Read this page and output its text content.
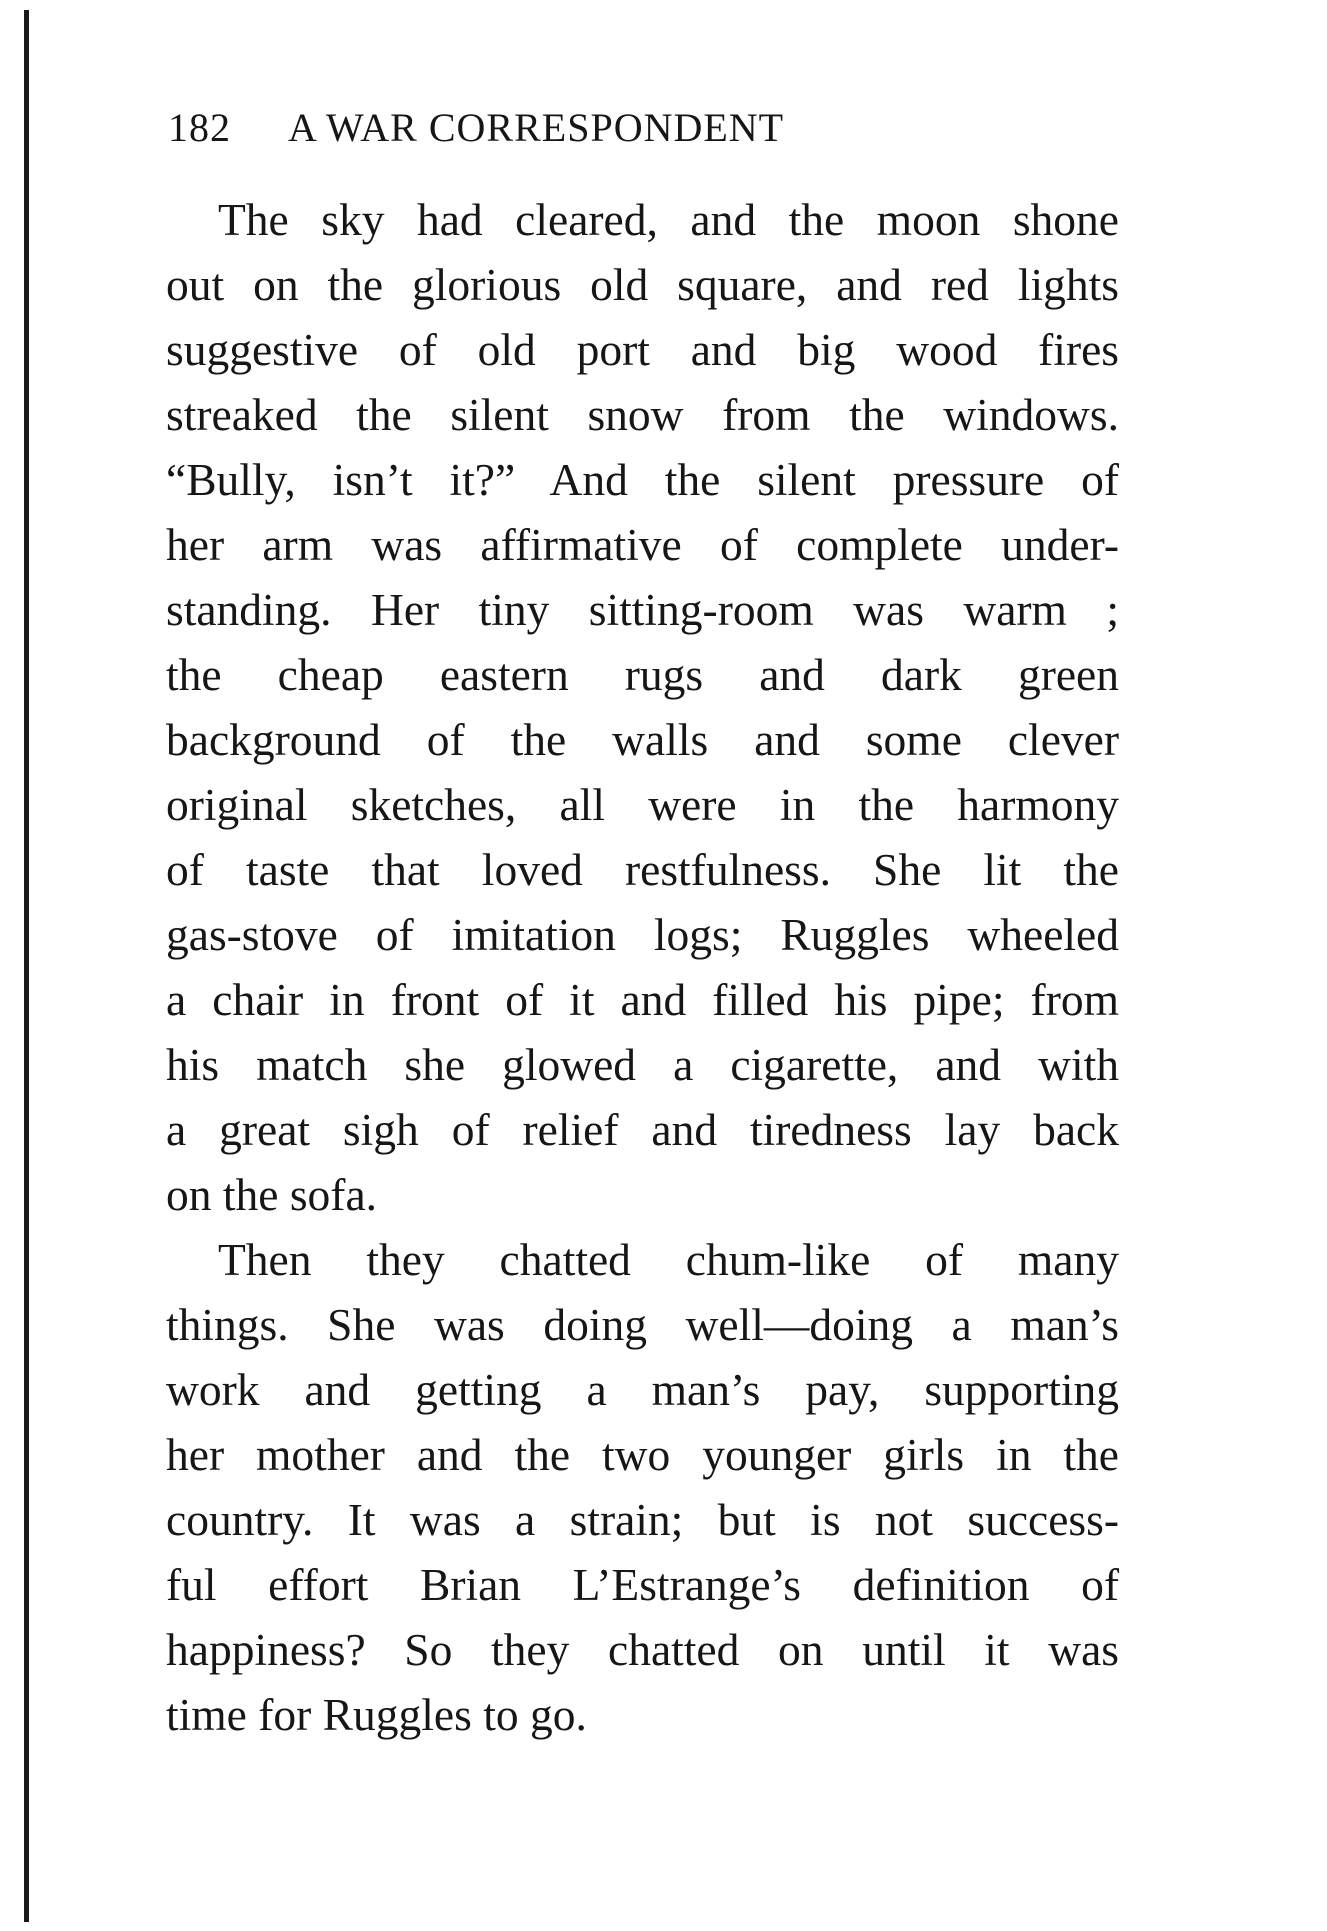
182 A WAR CORRESPONDENT
The sky had cleared, and the moon shone
out on the glorious old square, and red lights
suggestive of old port and big wood fires
streaked the silent snow from the windows.
“Bully, isn’t it?” And the silent pressure of
her arm was affirmative of complete under-
standing. Her tiny sitting-room was warm ;
the cheap eastern rugs and dark green
background of the walls and some clever
original sketches, all were in the harmony
of taste that loved restfulness. She lit the
gas-stove of imitation logs; Ruggles wheeled
a chair in front of it and filled his pipe; from
his match she glowed a cigarette, and with
a great sigh of relief and tiredness lay back
on the sofa.
Then they chatted chum-like of many
things. She was doing well—doing a man’s
work and getting a man’s pay, supporting
her mother and the two younger girls in the
country. It was a strain; but is not success-
ful effort Brian L’Estrange’s definition of
happiness? So they chatted on until it was
time for Ruggles to go.
